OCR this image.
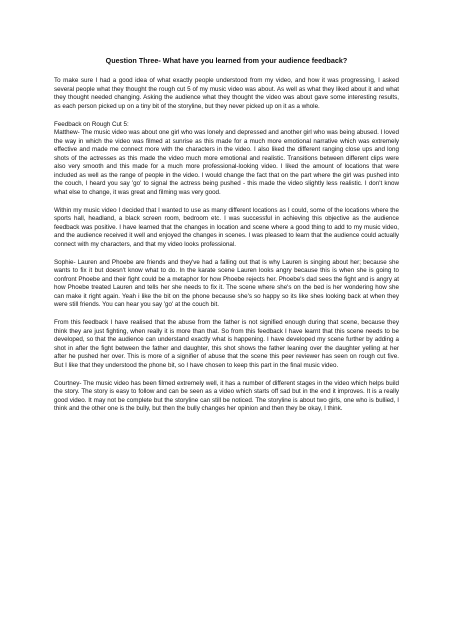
Question Three- What have you learned from your audience feedback?

To make sure I had a good idea of what exactly people understood from my video, and how it was progressing, I asked several people what they thought the rough cut 5 of my music video was about. As well as what they liked about it and what they thought needed changing. Asking the audience what they thought the video was about gave some interesting results, as each person picked up on a tiny bit of the storyline, but they never picked up on it as a whole.

Feedback on Rough Cut 5:

Matthew- The music video was about one girl who was lonely and depressed and another girl who was being abused. I loved the way in which the video was filmed at sunrise as this made for a much more emotional narrative which was extremely effective and made me connect more with the characters in the video. I also liked the different ranging close ups and long shots of the actresses as this made the video much more emotional and realistic. Transitions between different clips were also very smooth and this made for a much more professional-looking video. I liked the amount of locations that were included as well as the range of people in the video. I would change the fact that on the part where the girl was pushed into the couch, I heard you say 'go' to signal the actress being pushed - this made the video slightly less realistic. I don't know what else to change, it was great and filming was very good.

Within my music video I decided that I wanted to use as many different locations as I could, some of the locations where the sports hall, headland, a black screen room, bedroom etc. I was successful in achieving this objective as the audience feedback was positive. I have learned that the changes in location and scene where a good thing to add to my music video, and the audience received it well and enjoyed the changes in scenes. I was pleased to learn that the audience could actually connect with my characters, and that my video looks professional.

Sophie- Lauren and Phoebe are friends and they've had a falling out that is why Lauren is singing about her; because she wants to fix it but doesn't know what to do. In the karate scene Lauren looks angry because this is when she is going to confront Phoebe and their fight could be a metaphor for how Phoebe rejects her. Phoebe's dad sees the fight and is angry at how Phoebe treated Lauren and tells her she needs to fix it. The scene where she's on the bed is her wondering how she can make it right again. Yeah i like the bit on the phone because she's so happy so its like shes looking back at when they were still friends. You can hear you say 'go' at the couch bit.

From this feedback I have realised that the abuse from the father is not signified enough during that scene, because they think they are just fighting, when really it is more than that. So from this feedback I have learnt that this scene needs to be developed, so that the audience can understand exactly what is happening. I have developed my scene further by adding a shot in after the fight between the father and daughter, this shot shows the father leaning over the daughter yelling at her after he pushed her over. This is more of a signifier of abuse that the scene this peer reviewer has seen on rough cut five. But I like that they understood the phone bit, so I have chosen to keep this part in the final music video.

Courtney- The music video has been filmed extremely well, it has a number of different stages in the video which helps build the story. The story is easy to follow and can be seen as a video which starts off sad but in the end it improves. It is a really good video. It may not be complete but the storyline can still be noticed. The storyline is about two girls, one who is bullied, I think and the other one is the bully, but then the bully changes her opinion and then they be okay, I think.
